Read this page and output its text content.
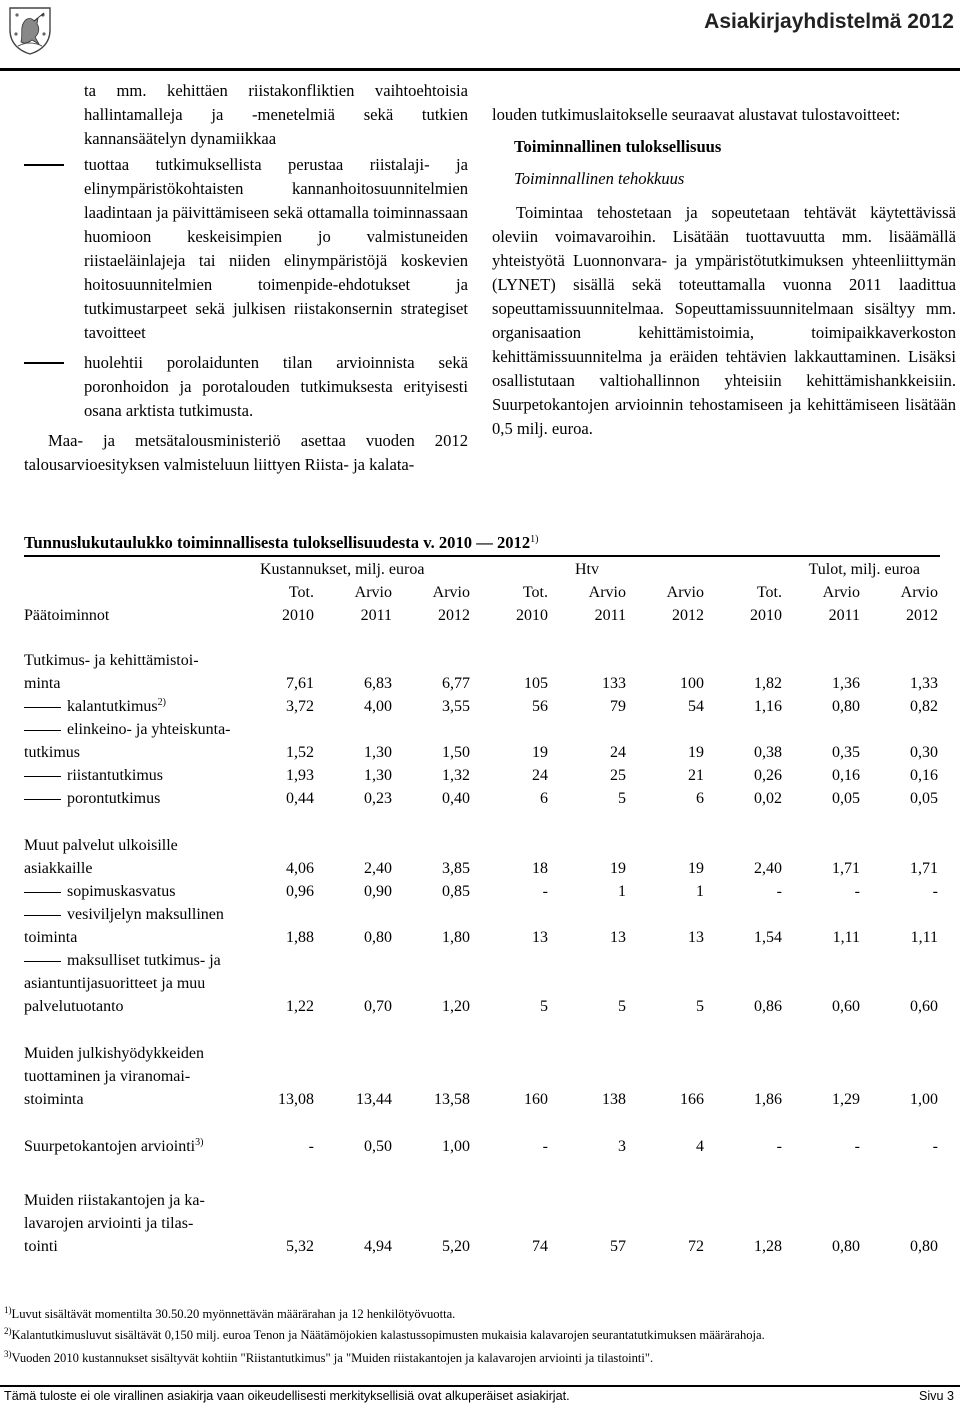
Asiakirjayhdistelmä 2012

ta mm. kehittäen riistakonfliktien vaihtoehtoisia hallintamalleja ja -menetelmiä sekä tutkien kannansäätelyn dynamiikkaa

tuottaa tutkimuksellista perustaa riistalaji- ja elinympäristökohtaisten kannanhoitosuunnitelmien laadintaan ja päivittämiseen sekä ottamalla toiminnassaan huomioon keskeisimpien jo valmistuneiden riistaeläinlajeja tai niiden elinympäristöjä koskevien hoitosuunnitelmien toimenpide-ehdotukset ja tutkimustarpeet sekä julkisen riistakonsernin strategiset tavoitteet

huolehtii porolaidunten tilan arvioinnista sekä poronhoidon ja porotalouden tutkimuksesta erityisesti osana arktista tutkimusta.

Maa- ja metsätalousministeriö asettaa vuoden 2012 talousarvioesityksen valmisteluun liittyen Riista- ja kalata-

louden tutkimuslaitokselle seuraavat alustavat tulostavoitteet:

Toiminnallinen tuloksellisuus

Toiminnallinen tehokkuus

Toimintaa tehostetaan ja sopeutetaan tehtävät käytettävissä oleviin voimavaroihin. Lisätään tuottavuutta mm. lisäämällä yhteistyötä Luonnonvara- ja ympäristötutkimuksen yhteenliittymän (LYNET) sisällä sekä toteuttamalla vuonna 2011 laadittua sopeuttamissuunnitelmaa. Sopeuttamissuunnitelmaan sisältyy mm. organisaation kehittämistoimia, toimipaikkaverkoston kehittämissuunnitelma ja eräiden tehtävien lakkauttaminen. Lisäksi osallistutaan valtiohallinnon yhteisiin kehittämishankkeisiin. Suurpetokantojen arvioinnin tehostamiseen ja kehittämiseen lisätään 0,5 milj. euroa.

Tunnuslukutaulukko toiminnallisesta tuloksellisuudesta v. 2010 — 2012$^{1)}$
	Kustannukset, milj. euroa			Htv			Tulot, milj. euroa		
	Tot.	Arvio	Arvio	Tot.	Arvio	Arvio	Tot.	Arvio	Arvio
Päätoiminnot	2010	2011	2012	2010	2011	2012	2010	2011	2012
Tutkimus- ja kehittämistoi-									
minta	7,61	6,83	6,77	105	133	100	1,82	1,36	1,33
kalantutkimus$^{2)}$	3,72	4,00	3,55	56	79	54	1,16	0,80	0,82
elinkeino- ja yhteiskunta-									
tutkimus	1,52	1,30	1,50	19	24	19	0,38	0,35	0,30
riistantutkimus	1,93	1,30	1,32	24	25	21	0,26	0,16	0,16
porontutkimus	0,44	0,23	0,40	6	5	6	0,02	0,05	0,05
Muut palvelut ulkoisille									
asiakkaille	4,06	2,40	3,85	18	19	19	2,40	1,71	1,71
sopimuskasvatus	0,96	0,90	0,85	-	1	1	-	-	-
vesiviljelyn maksullinen									
toiminta	1,88	0,80	1,80	13	13	13	1,54	1,11	1,11
maksulliset tutkimus- ja									
asiantuntijasuoritteet ja muu									
palvelutuotanto	1,22	0,70	1,20	5	5	5	0,86	0,60	0,60
Muiden julkishyödykkeiden									
tuottaminen ja viranomai-									
stoiminta	13,08	13,44	13,58	160	138	166	1,86	1,29	1,00
Suurpetokantojen arviointi$^{3)}$	-	0,50	1,00	-	3	4	-	-	-
Muiden riistakantojen ja ka-									
lavarojen arviointi ja tilas-									
tointi	5,32	4,94	5,20	74	57	72	1,28	0,80	0,80
$^{1)}$Luvut sisältävät momentilta 30.50.20 myönnettävän määrärahan ja 12 henkilötyövuotta.
$^{2)}$Kalantutkimusluvut sisältävät 0,150 milj. euroa Tenon ja Näätämöjokien kalastussopimusten mukaisia kalavarojen seurantatutkimuksen määrärahoja.
$^{3)}$Vuoden 2010 kustannukset sisältyvät kohtiin "Riistantutkimus" ja "Muiden riistakantojen ja kalavarojen arviointi ja tilastointi".
Tämä tuloste ei ole virallinen asiakirja vaan oikeudellisesti merkityksellisiä ovat alkuperäiset asiakirjat.	Sivu 3
